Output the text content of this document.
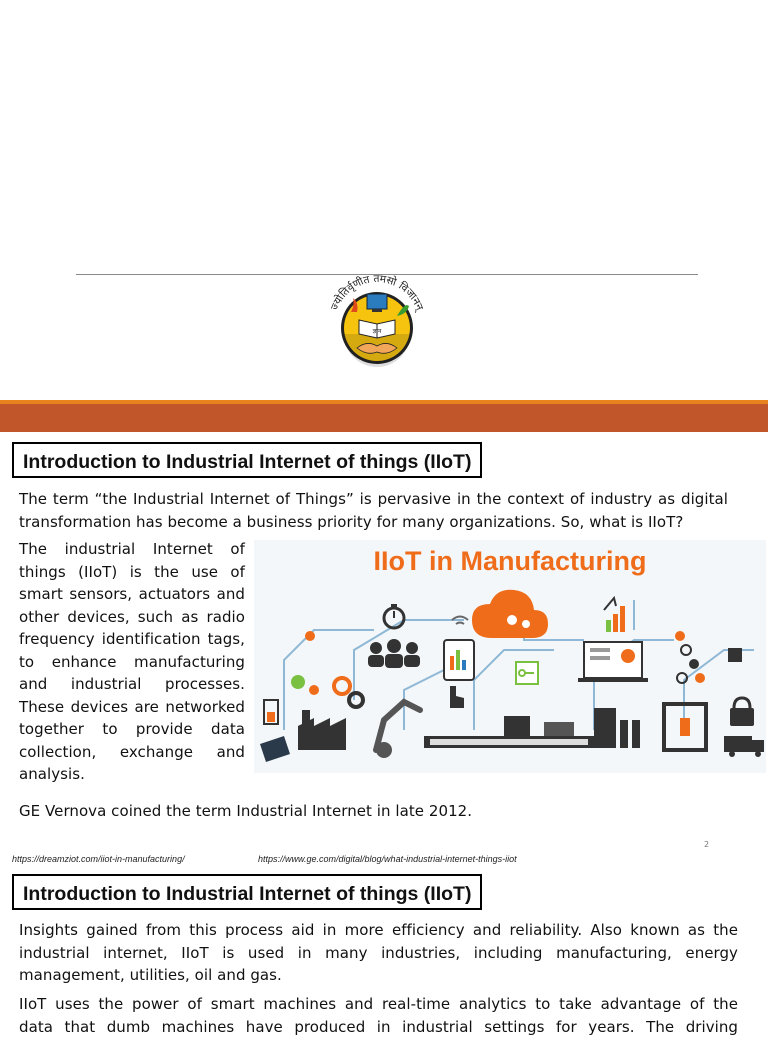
ज्योतिर्वृणीत तमसो विजानन्
ज्ञान
Introduction to Industrial Internet of things (IIoT)
The term “the Industrial Internet of Things” is pervasive in the context of industry as digital
transformation has become a business priority for many organizations. So, what is IIoT?
The industrial Internet of
things (IIoT) is the use of
smart sensors, actuators and
other devices, such as radio
frequency identification tags,
to enhance manufacturing
and industrial processes.
These devices are networked
together to provide data
collection, exchange and
analysis.
IIoT in Manufacturing
GE Vernova coined the term Industrial Internet in late 2012.
2
https://dreamziot.com/iiot-in-manufacturing/	https://www.ge.com/digital/blog/what-industrial-internet-things-iiot
Introduction to Industrial Internet of things (IIoT)
Insights gained from this process aid in more efficiency and reliability. Also known as the
industrial internet, IIoT is used in many industries, including manufacturing, energy
management, utilities, oil and gas.
IIoT uses the power of smart machines and real-time analytics to take advantage of the
data that dumb machines have produced in industrial settings for years. The driving
